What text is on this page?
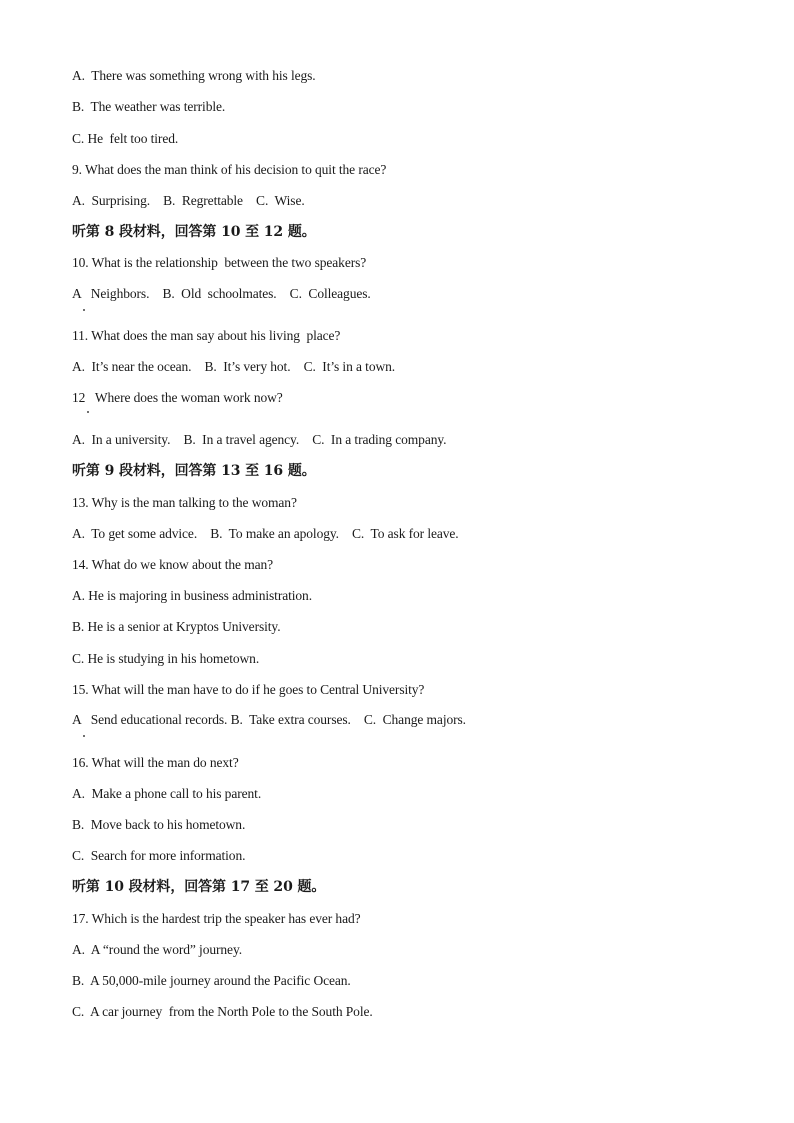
A.  There was something wrong with his legs.
B.  The weather was terrible.
C. He  felt too tired.
9. What does the man think of his decision to quit the race?
A.  Surprising.    B.  Regrettable    C.  Wise.
听第 8 段材料，回答第 10 至 12 题。
10. What is the relationship  between the two speakers?
A   Neighbors.    B.  Old  schoolmates.    C.  Colleagues.
11. What does the man say about his living  place?
A.  It’s near the ocean.    B.  It’s very hot.    C.  It’s in a town.
12   Where does the woman work now?
A.  In a university.    B.  In a travel agency.    C.  In a trading company.
听第 9 段材料，回答第 13 至 16 题。
13. Why is the man talking to the woman?
A.  To get some advice.    B.  To make an apology.    C.  To ask for leave.
14. What do we know about the man?
A. He is majoring in business administration.
B. He is a senior at Kryptos University.
C. He is studying in his hometown.
15. What will the man have to do if he goes to Central University?
A   Send educational records. B.  Take extra courses.    C.  Change majors.
16. What will the man do next?
A.  Make a phone call to his parent.
B.  Move back to his hometown.
C.  Search for more information.
听第 10 段材料，回答第 17 至 20 题。
17. Which is the hardest trip the speaker has ever had?
A.  A “round the word” journey.
B.  A 50,000-mile journey around the Pacific Ocean.
C.  A car journey  from the North Pole to the South Pole.
